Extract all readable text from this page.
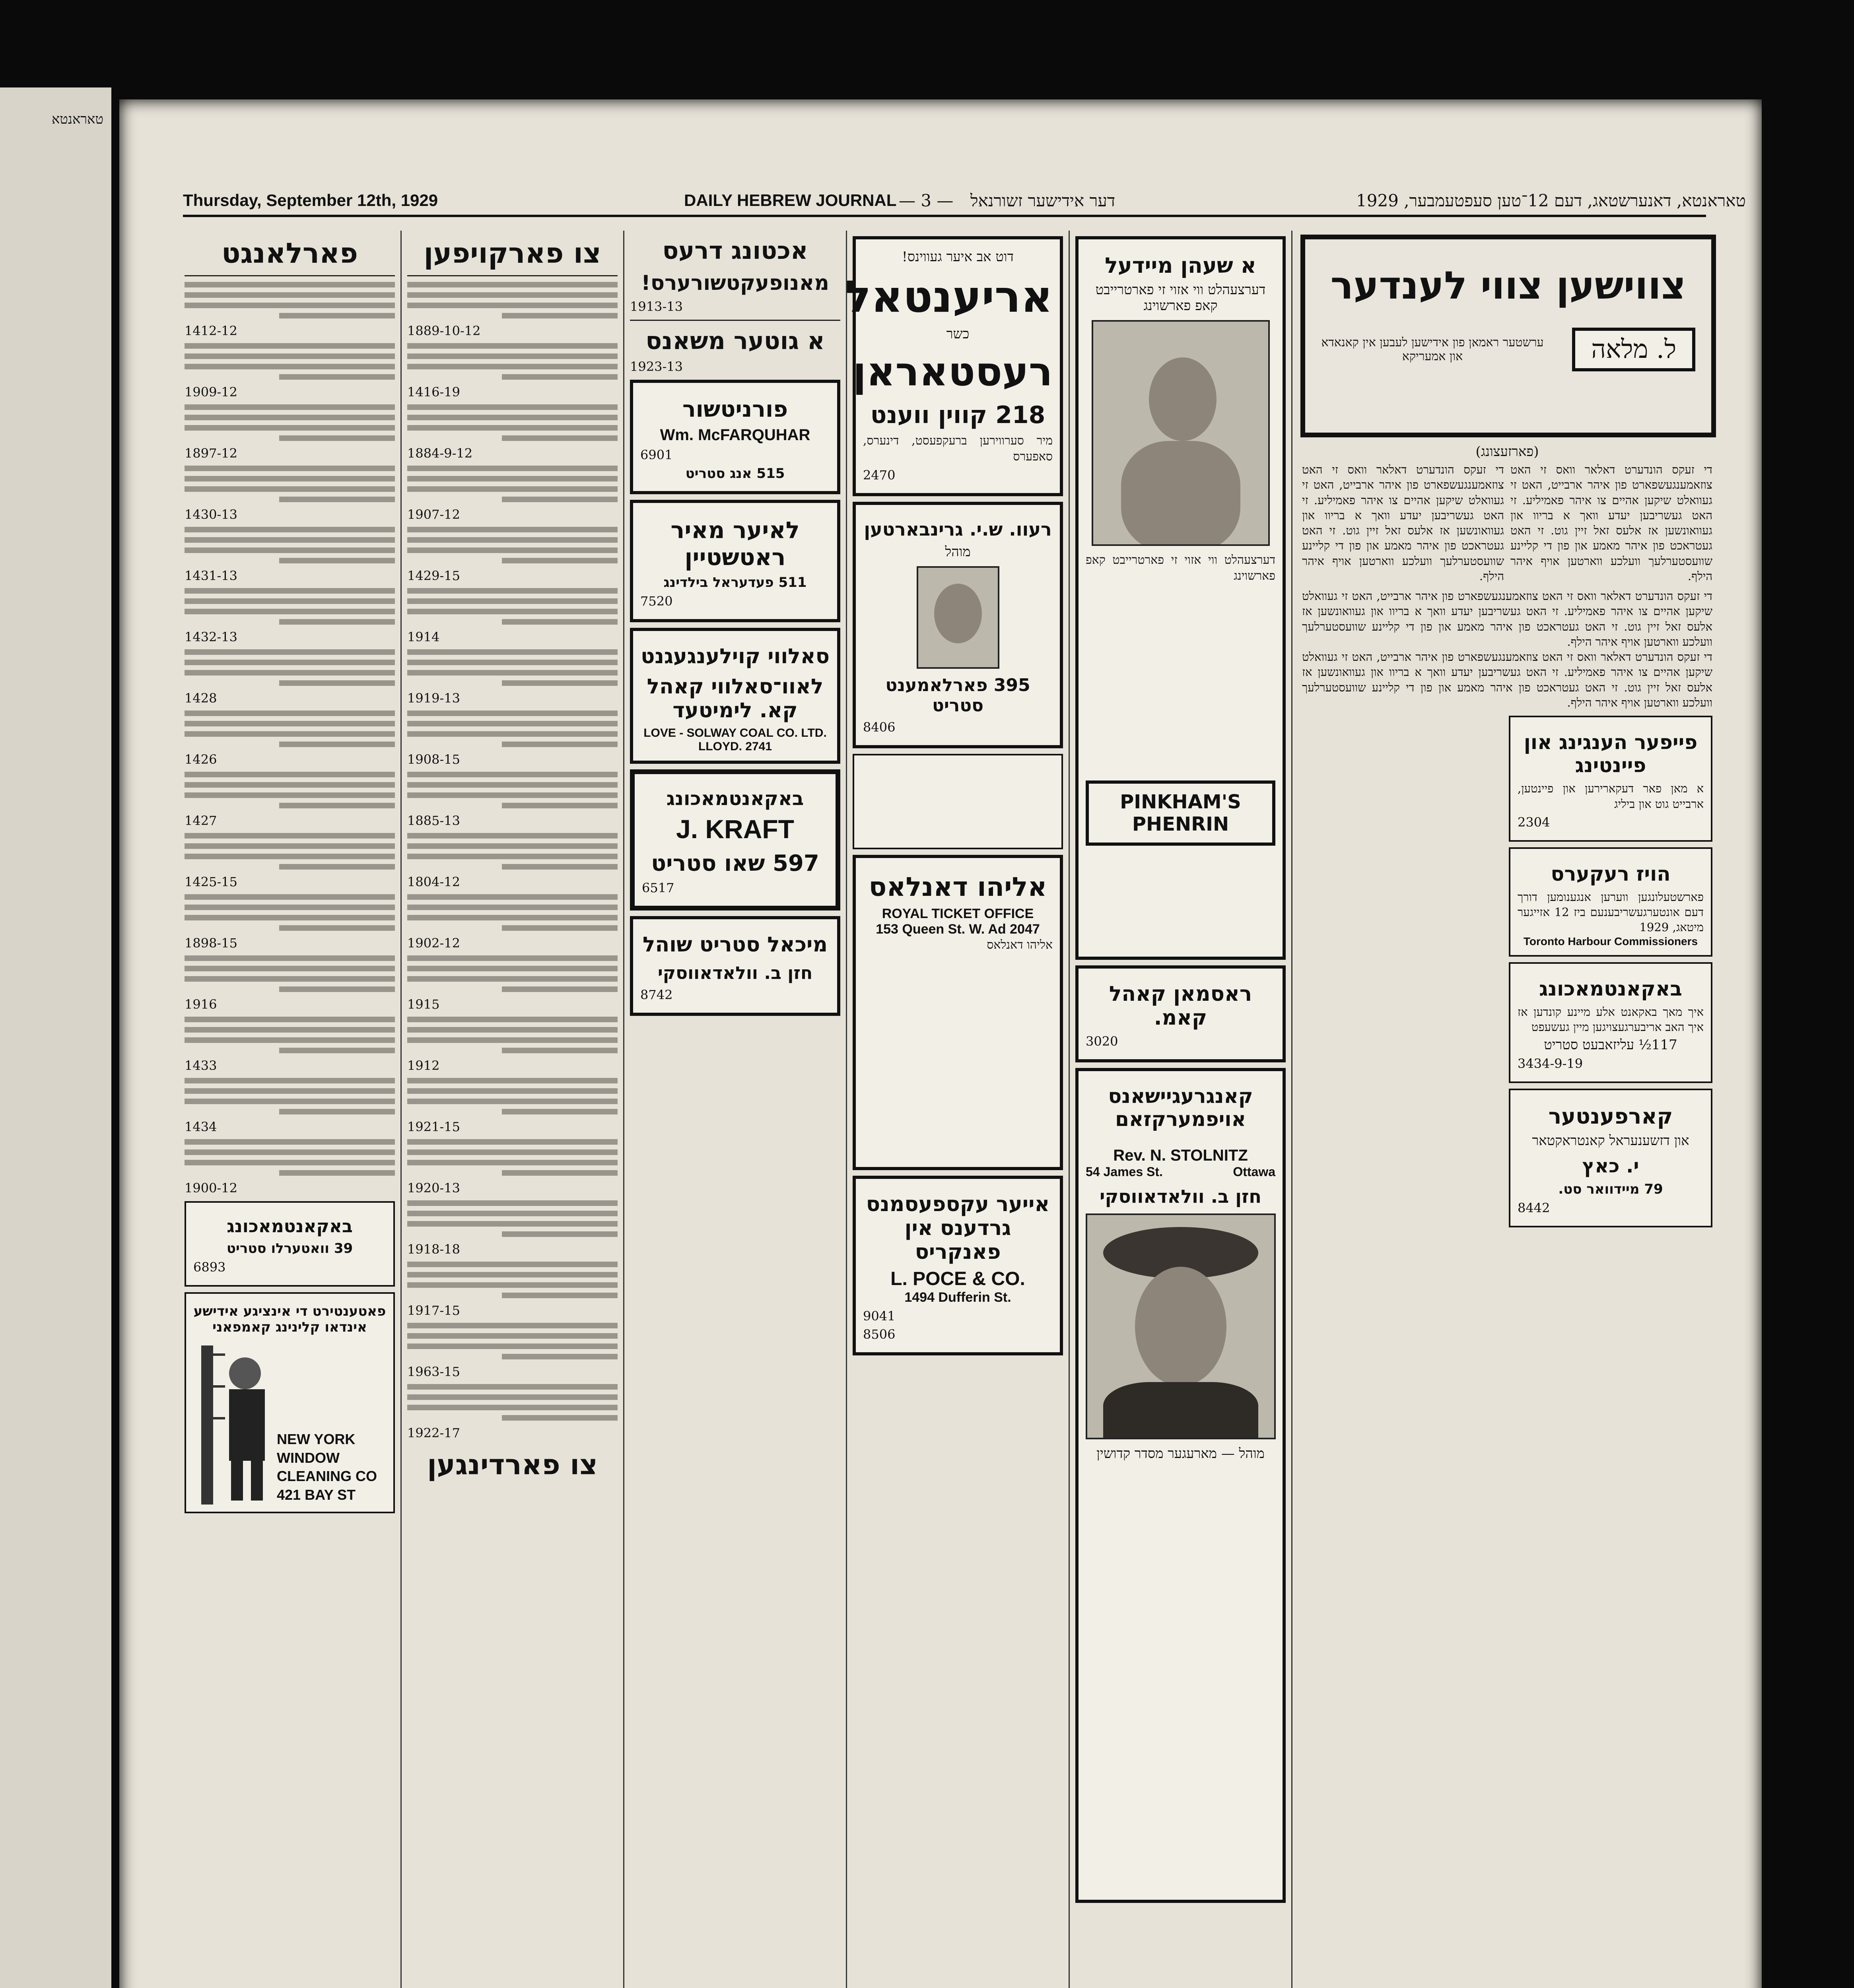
טאראנטא
Thursday, September 12th, 1929	DAILY HEBREW JOURNAL — 3 — דער אידישער זשורנאל	טאראנטא, דאנערשטאג, דעם 12־טען סעפטעמבער, 1929
צווישען צווי לענדער
ערשטער ראמאן פון אידישען לעבען אין קאנאדא און אמעריקא	ל. מלאה
(פארזעצונג)
די זעקס הונדערט דאלאר וואס זי האט צוזאמענגעשפארט פון איהר ארבייט, האט זי געוואלט שיקען אהיים צו איהר פאמיליע. זי האט געשריבען יעדע וואך א בריוו און געוואונשען אז אלעס זאל זיין גוט. זי האט געטראכט פון איהר מאמע און פון די קליינע שוועסטערלעך וועלכע ווארטען אויף איהר הילף.
די זעקס הונדערט דאלאר וואס זי האט צוזאמענגעשפארט פון איהר ארבייט, האט זי געוואלט שיקען אהיים צו איהר פאמיליע. זי האט געשריבען יעדע וואך א בריוו און געוואונשען אז אלעס זאל זיין גוט. זי האט געטראכט פון איהר מאמע און פון די קליינע שוועסטערלעך וועלכע ווארטען אויף איהר הילף.
די זעקס הונדערט דאלאר וואס זי האט צוזאמענגעשפארט פון איהר ארבייט, האט זי געוואלט שיקען אהיים צו איהר פאמיליע. זי האט געשריבען יעדע וואך א בריוו און געוואונשען אז אלעס זאל זיין גוט. זי האט געטראכט פון איהר מאמע און פון די קליינע שוועסטערלעך וועלכע ווארטען אויף איהר הילף.
די זעקס הונדערט דאלאר וואס זי האט צוזאמענגעשפארט פון איהר ארבייט, האט זי געוואלט שיקען אהיים צו איהר פאמיליע. זי האט געשריבען יעדע וואך א בריוו און געוואונשען אז אלעס זאל זיין גוט. זי האט געטראכט פון איהר מאמע און פון די קליינע שוועסטערלעך וועלכע ווארטען אויף איהר הילף.
פייפער הענגינג און פיינטינג
א מאן פאר דעקארירען און פיינטען, ארבייט גוט און ביליג
2304
הויז רעקערס
פארשטעלונגען ווערען אנגענומען דורך דעם אונטערגעשריבענעם ביז 12 אזייגער מיטאג, 1929
Toronto Harbour Commissioners
באקאנטמאכונג
איך מאך באקאנט אלע מיינע קונדען אז איך האב אריבערגעצויגען מיין געשעפט
117½ עליזאבעט סטריט
3434-9-19
קארפענטער
און דזשענעראל קאנטראקטאר
י. כאץ
79 מיידוואר סט.
8442
א שעהן מיידעל
דערצעהלט ווי אזוי זי פארטרייבט קאפ פארשוינג
דערצעהלט ווי אזוי זי פארטרייבט קאפ פארשוינג
PINKHAM'S PHENRIN
ראסמאן קאהל קאמ.
3020
קאנגרעגיישאנס אויפמערקזאם
Rev. N. STOLNITZ
54 James St.	Ottawa
חזן ב. וולאדאווסקי
מוהל — מארעגער מסדר קדושין
דוט אב איער געווינס!
אריענטאל
כשר
רעסטאראן
218 קווין ווענט
מיר סערווירען ברעקפעסט, דינערס, סאפערס
2470
רעוו. ש.י. גרינבארטען
מוהל
395 פארלאמענט סטריט
8406
אליהו דאנלאס
ROYAL TICKET OFFICE
153 Queen St. W. Ad 2047
אליהו דאנלאס
אייער עקספעסמנס גרדענס אין פאנקריס
L. POCE & CO.
1494 Dufferin St.
9041
8506
אכטונג דרעס
מאנופעקטשורערס!
1913-13
א גוטער משאנס
1923-13
פורניטשור
Wm. McFARQUHAR
6901
515 אנג סטריט
לאיער מאיר ראטשטיין
511 פעדעראל בילדינג
7520
סאלווי קוילענגעגנט
לאוו־סאלווי קאהל קא. לימיטעד
LOVE - SOLWAY COAL CO. LTD.
LLOYD. 2741
באקאנטמאכונג
J. KRAFT
597 שאו סטריט
6517
מיכאל סטריט שוהל
חזן ב. וולאדאווסקי
8742
צו פארקויפען
1889-10-12
1416-19
1884-9-12
1907-12
1429-15
1914
1919-13
1908-15
1885-13
1804-12
1902-12
1915
1912
1921-15
1920-13
1918-18
1917-15
1963-15
1922-17
צו פארדינגען
פארלאנגט
1412-12
1909-12
1897-12
1430-13
1431-13
1432-13
1428
1426
1427
1425-15
1898-15
1916
1433
1434
1900-12
באקאנטמאכונג
39 וואטערלו סטריט
6893
פאטענטירט די אינציגע אידישע אינדאו קלינינג קאמפאני
NEW YORK
WINDOW
CLEANING CO
421 BAY ST
